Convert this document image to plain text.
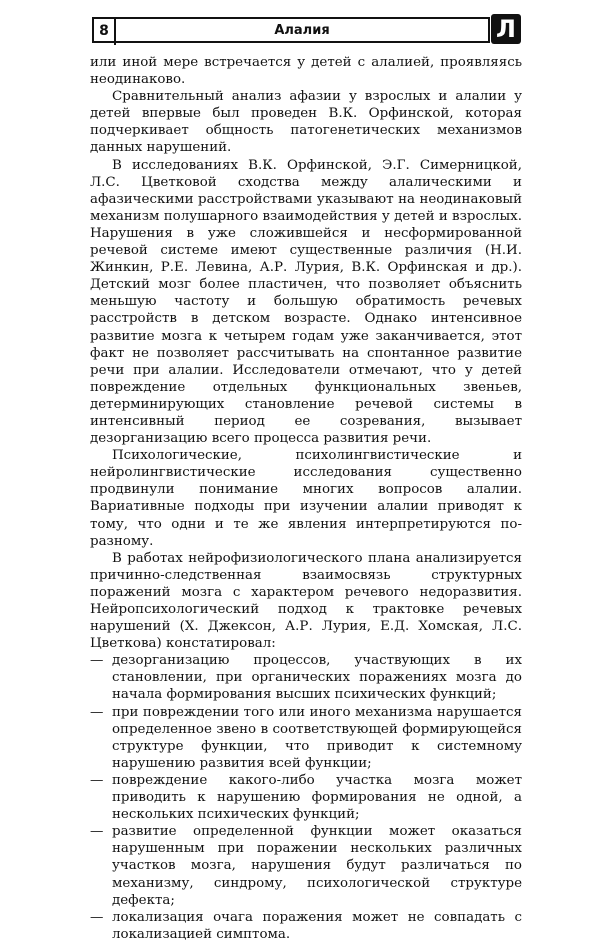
8	Алалия	Л

или иной мере встречается у детей с алалией, проявляясь неодинаково.

Сравнительный анализ афазии у взрослых и алалии у детей впервые был проведен В.К. Орфинской, которая подчеркивает общность патогенетических механизмов данных нарушений.

В исследованиях В.К. Орфинской, Э.Г. Симерницкой, Л.С. Цветковой сходства между алалическими и афазическими расстройствами указывают на неодинаковый механизм полушарного взаимодействия у детей и взрослых. Нарушения в уже сложившейся и несформированной речевой системе имеют существенные различия (Н.И. Жинкин, Р.Е. Левина, А.Р. Лурия, В.К. Орфинская и др.). Детский мозг более пластичен, что позволяет объяснить меньшую частоту и большую обратимость речевых расстройств в детском возрасте. Однако интенсивное развитие мозга к четырем годам уже заканчивается, этот факт не позволяет рассчитывать на спонтанное развитие речи при алалии. Исследователи отмечают, что у детей повреждение отдельных функциональных звеньев, детерминирующих становление речевой системы в интенсивный период ее созревания, вызывает дезорганизацию всего процесса развития речи.

Психологические, психолингвистические и нейролингвистические исследования существенно продвинули понимание многих вопросов алалии. Вариативные подходы при изучении алалии приводят к тому, что одни и те же явления интерпретируются по-разному.

В работах нейрофизиологического плана анализируется причинно-следственная взаимосвязь структурных поражений мозга с характером речевого недоразвития. Нейропсихологический подход к трактовке речевых нарушений (Х. Джексон, А.Р. Лурия, Е.Д. Хомская, Л.С. Цветкова) констатировал:

— дезорганизацию процессов, участвующих в их становлении, при органических поражениях мозга до начала формирования высших психических функций;
— при повреждении того или иного механизма нарушается определенное звено в соответствующей формирующейся структуре функции, что приводит к системному нарушению развития всей функции;
— повреждение какого-либо участка мозга может приводить к нарушению формирования не одной, а нескольких психических функций;
— развитие определенной функции может оказаться нарушенным при поражении нескольких различных участков мозга, нарушения будут различаться по механизму, синдрому, психологической структуре дефекта;
— локализация очага поражения может не совпадать с локализацией симптома.
